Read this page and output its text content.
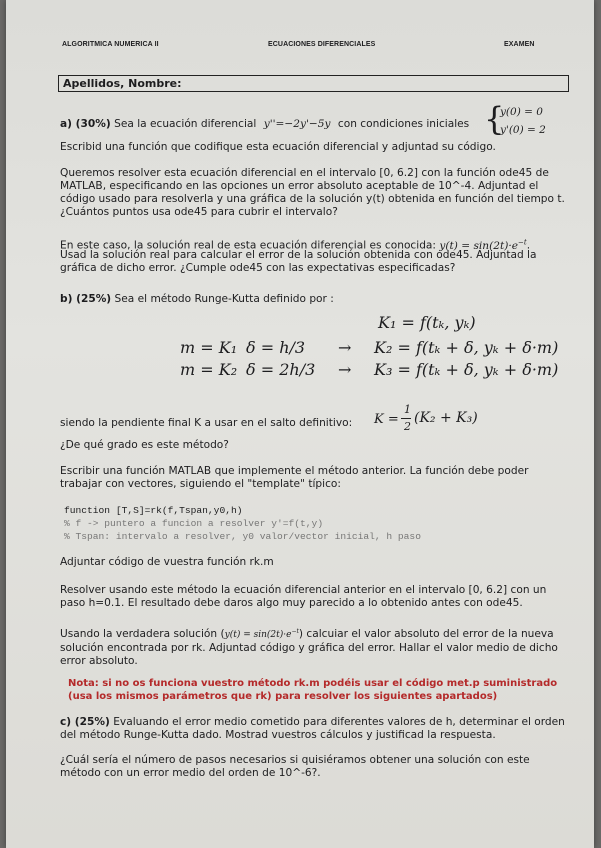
ALGORITMICA NUMERICA II	ECUACIONES DIFERENCIALES	EXAMEN
Apellidos, Nombre:
a) (30%) Sea la ecuación diferencial y''=−2y'−5y con condiciones iniciales {
y(0) = 0
y'(0) = 2
Escribid una función que codifique esta ecuación diferencial y adjuntad su código.
Queremos resolver esta ecuación diferencial en el intervalo [0, 6.2] con la función ode45 de MATLAB, especificando en las opciones un error absoluto aceptable de 10^-4. Adjuntad el código usado para resolverla y una gráfica de la solución y(t) obtenida en función del tiempo t. ¿Cuántos puntos usa ode45 para cubrir el intervalo?
En este caso, la solución real de esta ecuación diferencial es conocida: $y(t) = \sin(2t)\cdot e^{-t}$.
Usad la solución real para calcular el error de la solución obtenida con ode45. Adjuntad la gráfica de dicho error. ¿Cumple ode45 con las expectativas especificadas?
b) (25%) Sea el método Runge-Kutta definido por :
K₁ = f(tₖ, yₖ)
m = K₁ δ = h/3 → K₂ = f(tₖ + δ, yₖ + δ·m)
m = K₂ δ = 2h/3 → K₃ = f(tₖ + δ, yₖ + δ·m)
siendo la pendiente final K a usar en el salto definitivo:	K =
1
2
(K₂ + K₃)
¿De qué grado es este método?
Escribir una función MATLAB que implemente el método anterior. La función debe poder trabajar con vectores, siguiendo el "template" típico:
function [T,S]=rk(f,Tspan,y0,h)
% f -> puntero a funcion a resolver y'=f(t,y)
% Tspan: intervalo a resolver, y0 valor/vector inicial, h paso
Adjuntar código de vuestra función rk.m
Resolver usando este método la ecuación diferencial anterior en el intervalo [0, 6.2] con un paso h=0.1. El resultado debe daros algo muy parecido a lo obtenido antes con ode45.
Usando la verdadera solución $(y(t) = \sin(2t)\cdot e^{-t})$ calcuiar el valor absoluto del error de la nueva solución encontrada por rk. Adjuntad código y gráfica del error. Hallar el valor medio de dicho error absoluto.
Nota: si no os funciona vuestro método rk.m podéis usar el código met.p suministrado (usa los mismos parámetros que rk) para resolver los siguientes apartados)
c) (25%) Evaluando el error medio cometido para diferentes valores de h, determinar el orden del método Runge-Kutta dado. Mostrad vuestros cálculos y justificad la respuesta.
¿Cuál sería el número de pasos necesarios si quisiéramos obtener una solución con este método con un error medio del orden de 10^-6?.
